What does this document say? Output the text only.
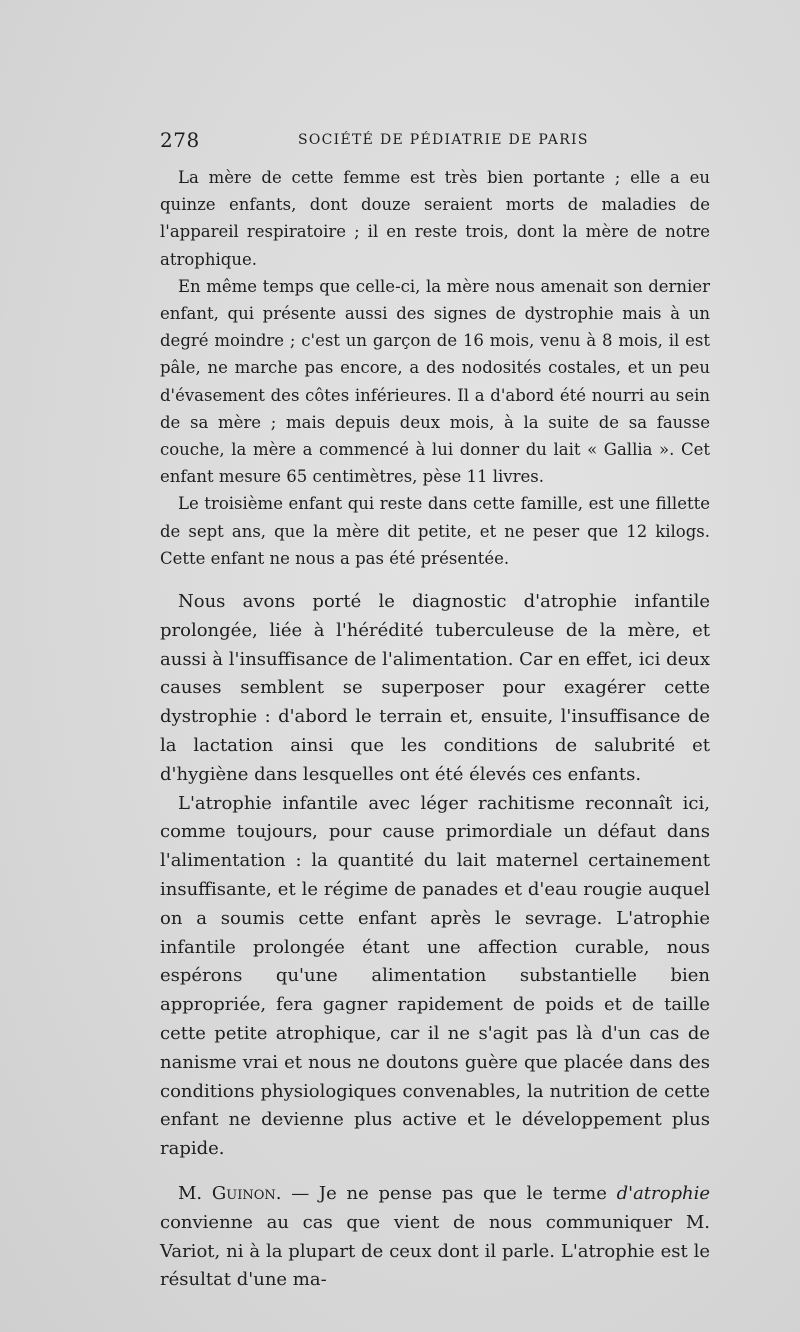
278	SOCIÉTÉ DE PÉDIATRIE DE PARIS

La mère de cette femme est très bien portante ; elle a eu quinze enfants, dont douze seraient morts de maladies de l'appareil respiratoire ; il en reste trois, dont la mère de notre atrophique.

En même temps que celle-ci, la mère nous amenait son dernier enfant, qui présente aussi des signes de dystrophie mais à un degré moindre ; c'est un garçon de 16 mois, venu à 8 mois, il est pâle, ne marche pas encore, a des nodosités costales, et un peu d'évasement des côtes inférieures. Il a d'abord été nourri au sein de sa mère ; mais depuis deux mois, à la suite de sa fausse couche, la mère a commencé à lui donner du lait « Gallia ». Cet enfant mesure 65 centimètres, pèse 11 livres.

Le troisième enfant qui reste dans cette famille, est une fillette de sept ans, que la mère dit petite, et ne peser que 12 kilogs. Cette enfant ne nous a pas été présentée.

Nous avons porté le diagnostic d'atrophie infantile prolongée, liée à l'hérédité tuberculeuse de la mère, et aussi à l'insuffisance de l'alimentation. Car en effet, ici deux causes semblent se superposer pour exagérer cette dystrophie : d'abord le terrain et, ensuite, l'insuffisance de la lactation ainsi que les conditions de salubrité et d'hygiène dans lesquelles ont été élevés ces enfants.

L'atrophie infantile avec léger rachitisme reconnaît ici, comme toujours, pour cause primordiale un défaut dans l'alimentation : la quantité du lait maternel certainement insuffisante, et le régime de panades et d'eau rougie auquel on a soumis cette enfant après le sevrage. L'atrophie infantile prolongée étant une affection curable, nous espérons qu'une alimentation substantielle bien appropriée, fera gagner rapidement de poids et de taille cette petite atrophique, car il ne s'agit pas là d'un cas de nanisme vrai et nous ne doutons guère que placée dans des conditions physiologiques convenables, la nutrition de cette enfant ne devienne plus active et le développement plus rapide.

M. Guinon. — Je ne pense pas que le terme d'atrophie convienne au cas que vient de nous communiquer M. Variot, ni à la plupart de ceux dont il parle. L'atrophie est le résultat d'une ma-
